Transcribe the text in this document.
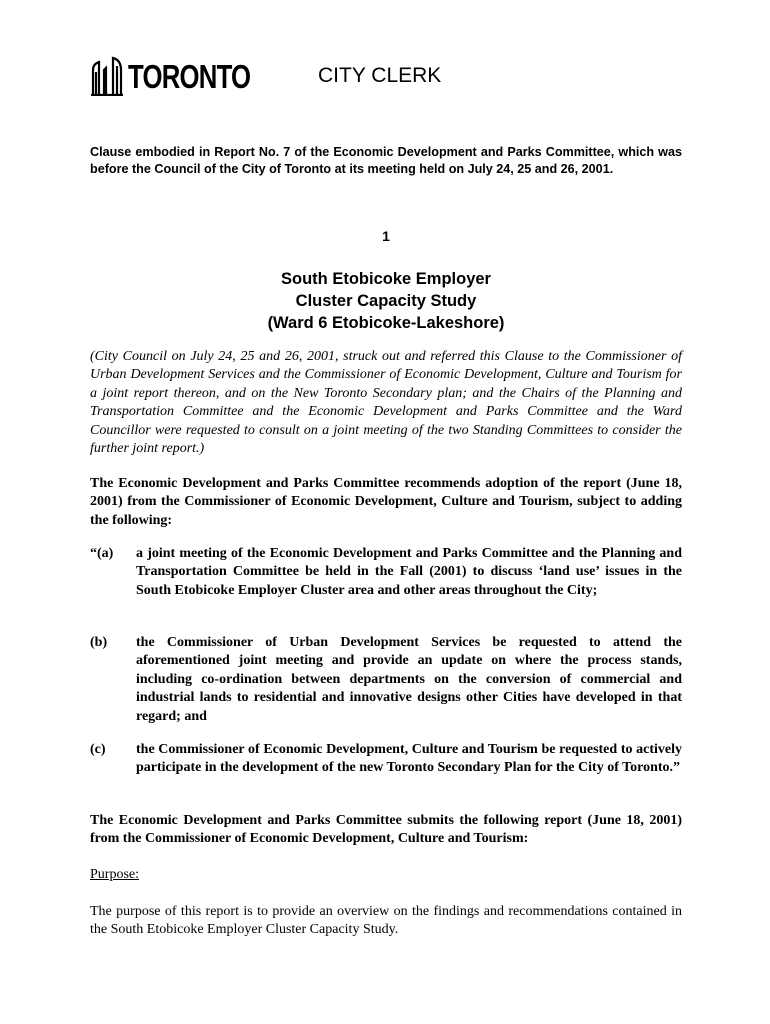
TORONTO	CITY CLERK
Clause embodied in Report No. 7 of the Economic Development and Parks Committee, which was before the Council of the City of Toronto at its meeting held on July 24, 25 and 26, 2001.
1
South Etobicoke Employer
Cluster Capacity Study
(Ward 6 Etobicoke-Lakeshore)
(City Council on July 24, 25 and 26, 2001, struck out and referred this Clause to the Commissioner of Urban Development Services and the Commissioner of Economic Development, Culture and Tourism for a joint report thereon, and on the New Toronto Secondary plan; and the Chairs of the Planning and Transportation Committee and the Economic Development and Parks Committee and the Ward Councillor were requested to consult on a joint meeting of the two Standing Committees to consider the further joint report.)
The Economic Development and Parks Committee recommends adoption of the report (June 18, 2001) from the Commissioner of Economic Development, Culture and Tourism, subject to adding the following:
“(a) a joint meeting of the Economic Development and Parks Committee and the Planning and Transportation Committee be held in the Fall (2001) to discuss ‘land use’ issues in the South Etobicoke Employer Cluster area and other areas throughout the City;
(b) the Commissioner of Urban Development Services be requested to attend the aforementioned joint meeting and provide an update on where the process stands, including co-ordination between departments on the conversion of commercial and industrial lands to residential and innovative designs other Cities have developed in that regard; and
(c) the Commissioner of Economic Development, Culture and Tourism be requested to actively participate in the development of the new Toronto Secondary Plan for the City of Toronto.”
The Economic Development and Parks Committee submits the following report (June 18, 2001) from the Commissioner of Economic Development, Culture and Tourism:
Purpose:
The purpose of this report is to provide an overview on the findings and recommendations contained in the South Etobicoke Employer Cluster Capacity Study.
